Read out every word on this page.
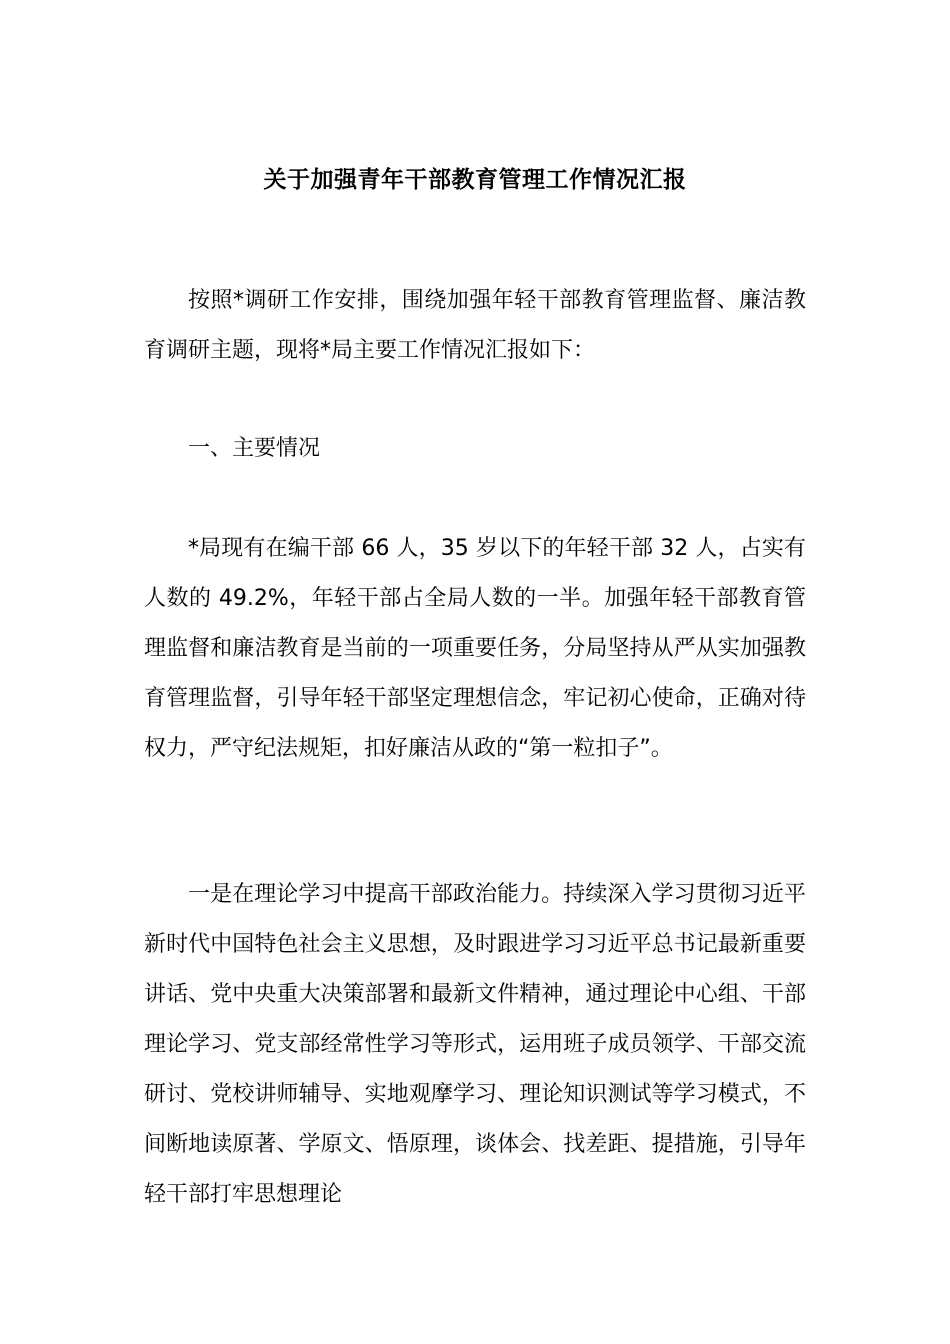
关于加强青年干部教育管理工作情况汇报

按照*调研工作安排，围绕加强年轻干部教育管理监督、廉洁教育调研主题，现将*局主要工作情况汇报如下：

一、主要情况

*局现有在编干部 66 人，35 岁以下的年轻干部 32 人，占实有人数的 49.2%，年轻干部占全局人数的一半。加强年轻干部教育管理监督和廉洁教育是当前的一项重要任务，分局坚持从严从实加强教育管理监督，引导年轻干部坚定理想信念，牢记初心使命，正确对待权力，严守纪法规矩，扣好廉洁从政的“第一粒扣子”。

一是在理论学习中提高干部政治能力。持续深入学习贯彻习近平新时代中国特色社会主义思想，及时跟进学习习近平总书记最新重要讲话、党中央重大决策部署和最新文件精神，通过理论中心组、干部理论学习、党支部经常性学习等形式，运用班子成员领学、干部交流研讨、党校讲师辅导、实地观摩学习、理论知识测试等学习模式，不间断地读原著、学原文、悟原理，谈体会、找差距、提措施，引导年轻干部打牢思想理论
